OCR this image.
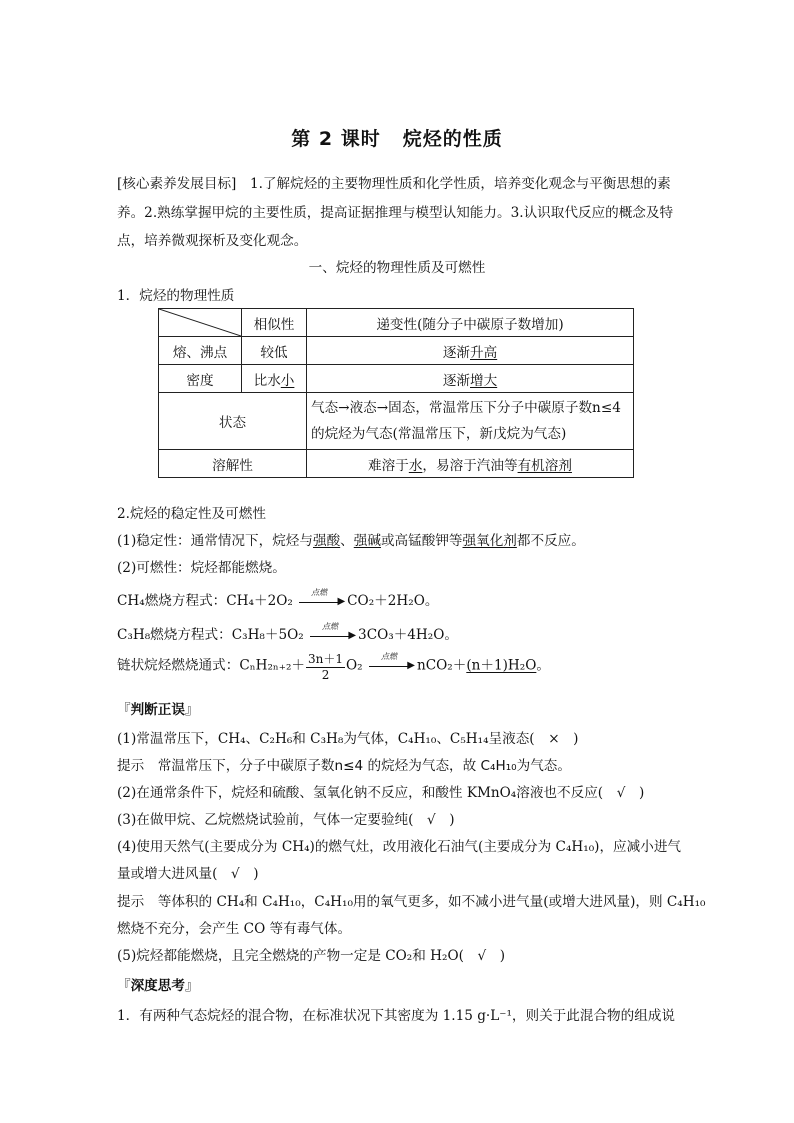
第 2 课时 烷烃的性质
[核心素养发展目标]　 1.了解烷烃的主要物理性质和化学性质，培养变化观念与平衡思想的素
养。2.熟练掌握甲烷的主要性质，提高证据推理与模型认知能力。3.认识取代反应的概念及特
点，培养微观探析及变化观念。
一、烷烃的物理性质及可燃性
1．烷烃的物理性质
	相似性	递变性(随分子中碳原子数增加)
熔、沸点	较低	逐渐升高
密度	比水小	逐渐增大
状态		气态→液态→固态，常温常压下分子中碳原子数n≤4
的烷烃为气态(常温常压下，新戊烷为气态)

溶解性		难溶于水，易溶于汽油等有机溶剂
2.烷烃的稳定性及可燃性
(1)稳定性：通常情况下，烷烃与强酸、强碱或高锰酸钾等强氧化剂都不反应。
(2)可燃性：烷烃都能燃烧。
CH₄燃烧方程式：CH₄＋2O₂
点燃
▶ CO₂＋2H₂O。
C₃H₈燃烧方程式：C₃H₈＋5O₂
点燃
▶ 3CO₃＋4H₂O。
链状烷烃燃烧通式：$C_nH_{2n+2}+ \frac{3n+1}{2} O_2$
点燃
▶ nCO₂＋(n＋1)H₂O。
『判断正误』
(1)常温常压下，CH₄、C₂H₆和 C₃H₈为气体，C₄H₁₀、C₅H₁₄呈液态(　×　)
提示　常温常压下，分子中碳原子数n≤4 的烷烃为气态，故 C₄H₁₀为气态。
(2)在通常条件下，烷烃和硫酸、氢氧化钠不反应，和酸性 KMnO₄溶液也不反应(　√　)
(3)在做甲烷、乙烷燃烧试验前，气体一定要验纯(　√　)
(4)使用天然气(主要成分为 CH₄)的燃气灶，改用液化石油气(主要成分为 C₄H₁₀)，应减小进气
量或增大进风量(　√　)
提示　等体积的 CH₄和 C₄H₁₀，C₄H₁₀用的氧气更多，如不减小进气量(或增大进风量)，则 C₄H₁₀
燃烧不充分，会产生 CO 等有毒气体。
(5)烷烃都能燃烧，且完全燃烧的产物一定是 CO₂和 H₂O(　√　)
『深度思考』
1．有两种气态烷烃的混合物，在标准状况下其密度为 1.15 g·L⁻¹，则关于此混合物的组成说
